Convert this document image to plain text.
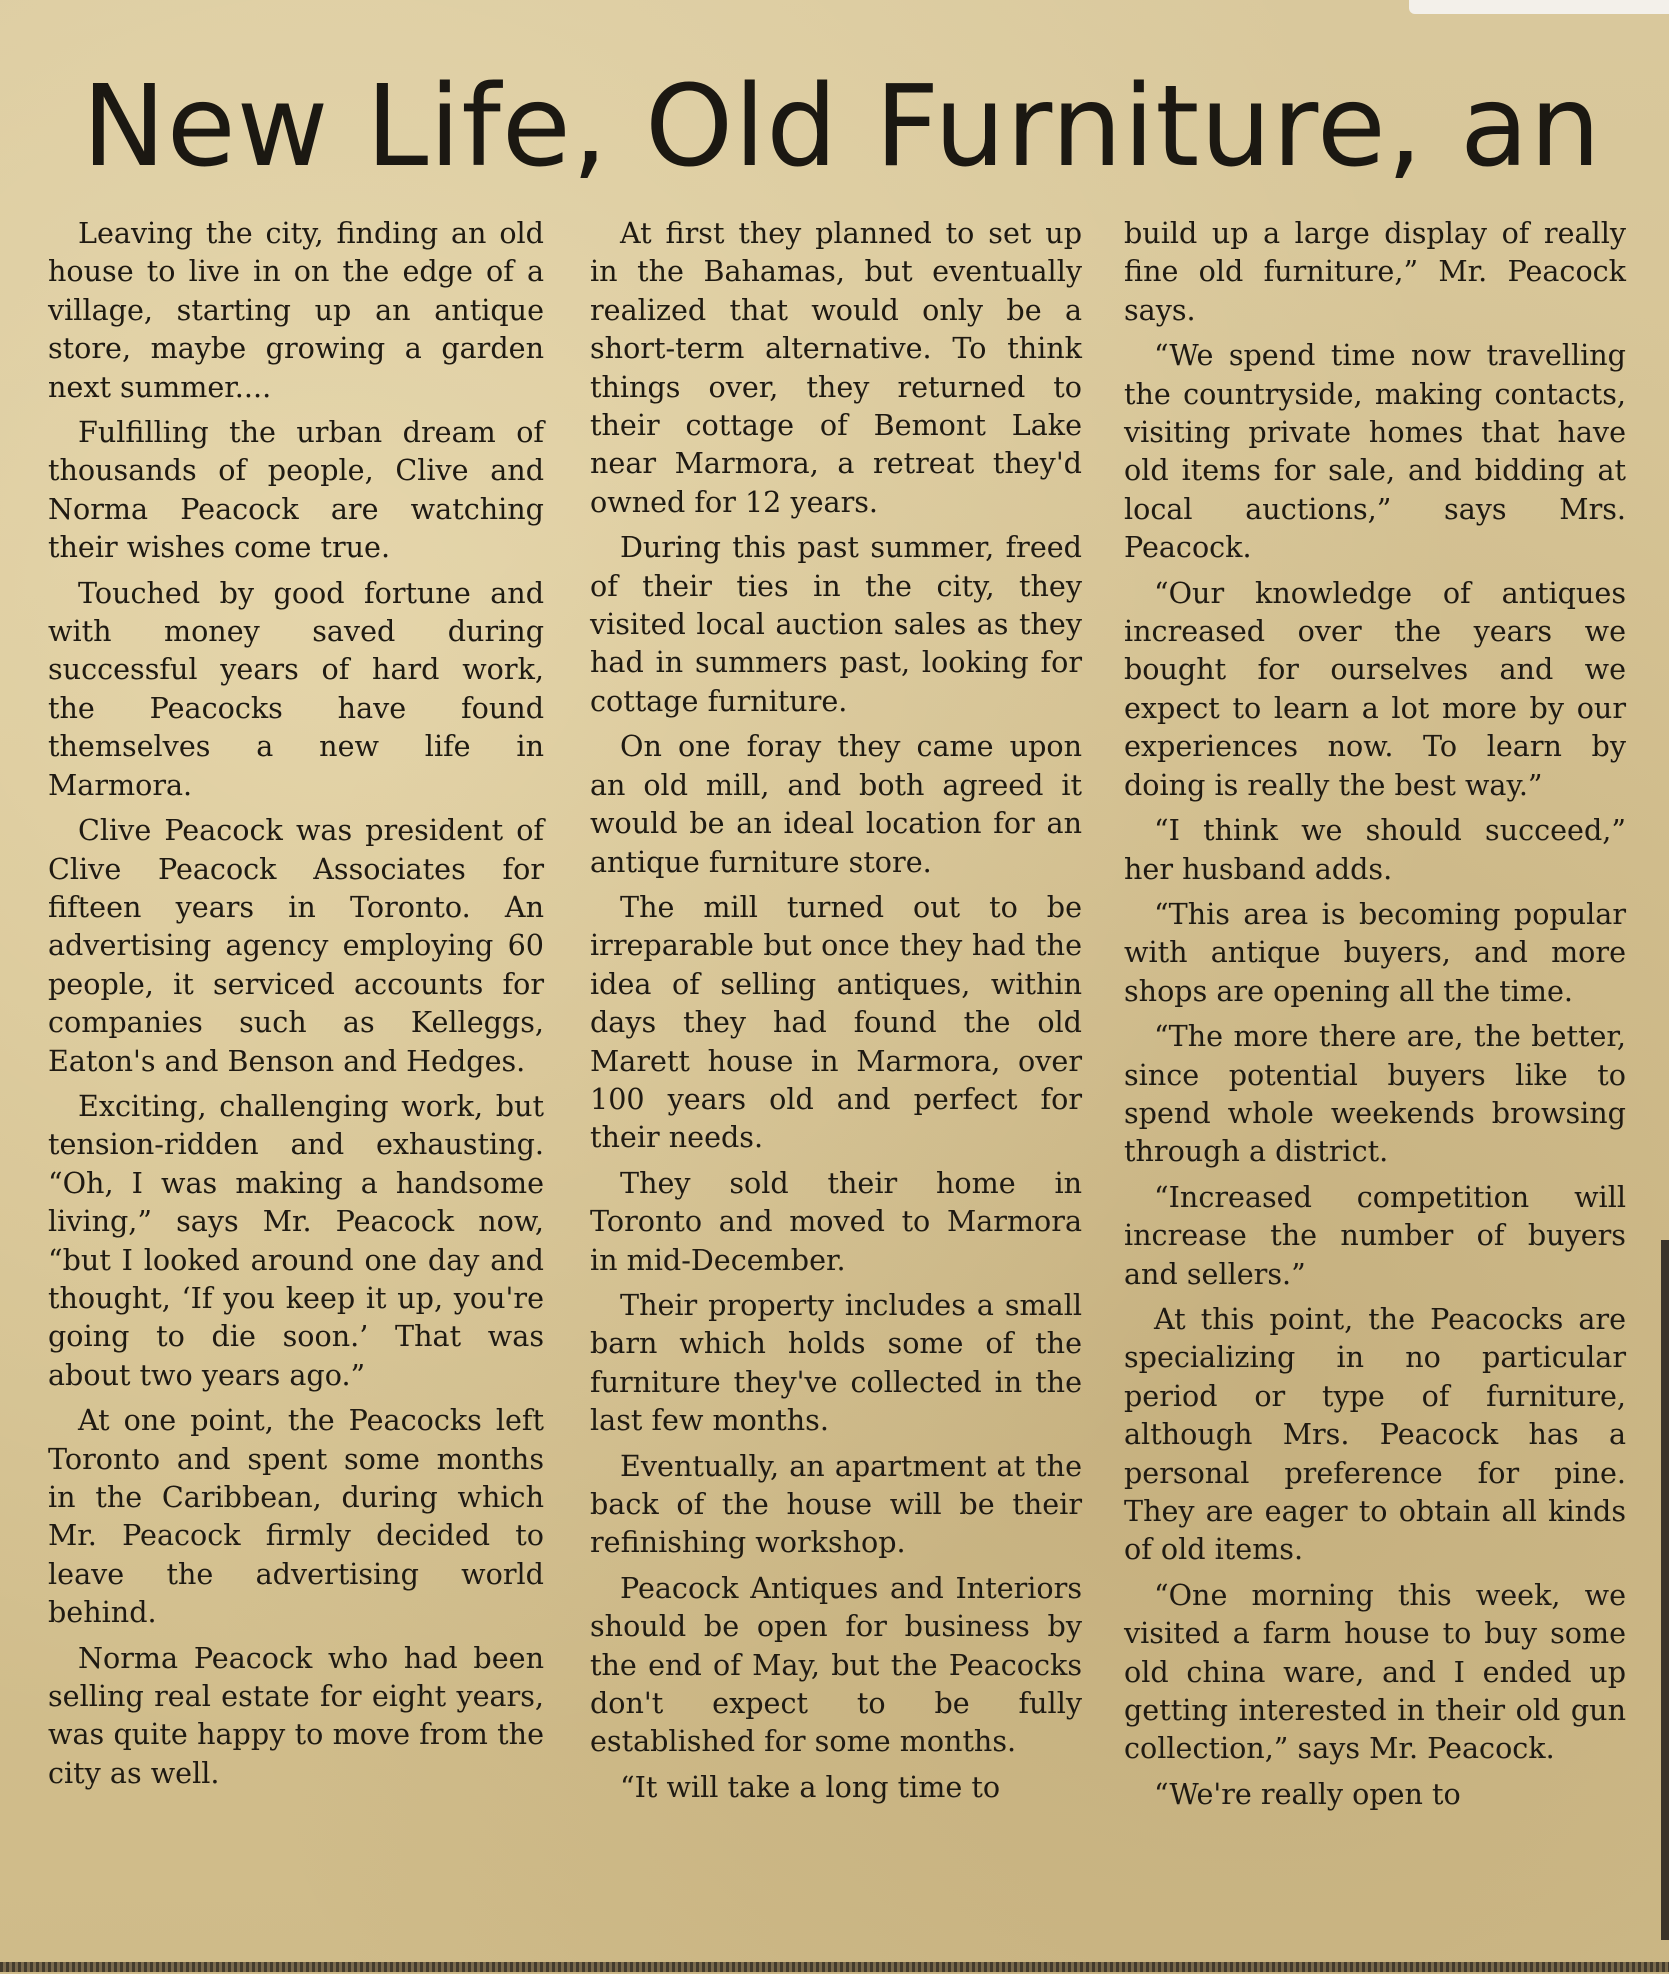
New Life, Old Furniture, an

Leaving the city, finding an old house to live in on the edge of a village, starting up an antique store, maybe growing a garden next summer....

Fulfilling the urban dream of thousands of people, Clive and Norma Peacock are watching their wishes come true.

Touched by good fortune and with money saved during successful years of hard work, the Peacocks have found themselves a new life in Marmora.

Clive Peacock was president of Clive Peacock Associates for fifteen years in Toronto. An advertising agency employing 60 people, it serviced accounts for companies such as Kelleggs, Eaton's and Benson and Hedges.

Exciting, challenging work, but tension-ridden and exhausting. “Oh, I was making a handsome living,” says Mr. Peacock now, “but I looked around one day and thought, ‘If you keep it up, you're going to die soon.’ That was about two years ago.”

At one point, the Peacocks left Toronto and spent some months in the Caribbean, during which Mr. Peacock firmly decided to leave the advertising world behind.

Norma Peacock who had been selling real estate for eight years, was quite happy to move from the city as well.

At first they planned to set up in the Bahamas, but eventually realized that would only be a short-term alternative. To think things over, they returned to their cottage of Bemont Lake near Marmora, a retreat they'd owned for 12 years.

During this past summer, freed of their ties in the city, they visited local auction sales as they had in summers past, looking for cottage furniture.

On one foray they came upon an old mill, and both agreed it would be an ideal location for an antique furniture store.

The mill turned out to be irreparable but once they had the idea of selling antiques, within days they had found the old Marett house in Marmora, over 100 years old and perfect for their needs.

They sold their home in Toronto and moved to Marmora in mid-December.

Their property includes a small barn which holds some of the furniture they've collected in the last few months.

Eventually, an apartment at the back of the house will be their refinishing workshop.

Peacock Antiques and Interiors should be open for business by the end of May, but the Peacocks don't expect to be fully established for some months.

“It will take a long time to

build up a large display of really fine old furniture,” Mr. Peacock says.

“We spend time now travelling the countryside, making contacts, visiting private homes that have old items for sale, and bidding at local auctions,” says Mrs. Peacock.

“Our knowledge of antiques increased over the years we bought for ourselves and we expect to learn a lot more by our experiences now. To learn by doing is really the best way.”

“I think we should succeed,” her husband adds.

“This area is becoming popular with antique buyers, and more shops are opening all the time.

“The more there are, the better, since potential buyers like to spend whole weekends browsing through a district.

“Increased competition will increase the number of buyers and sellers.”

At this point, the Peacocks are specializing in no particular period or type of furniture, although Mrs. Peacock has a personal preference for pine. They are eager to obtain all kinds of old items.

“One morning this week, we visited a farm house to buy some old china ware, and I ended up getting interested in their old gun collection,” says Mr. Peacock.

“We're really open to
